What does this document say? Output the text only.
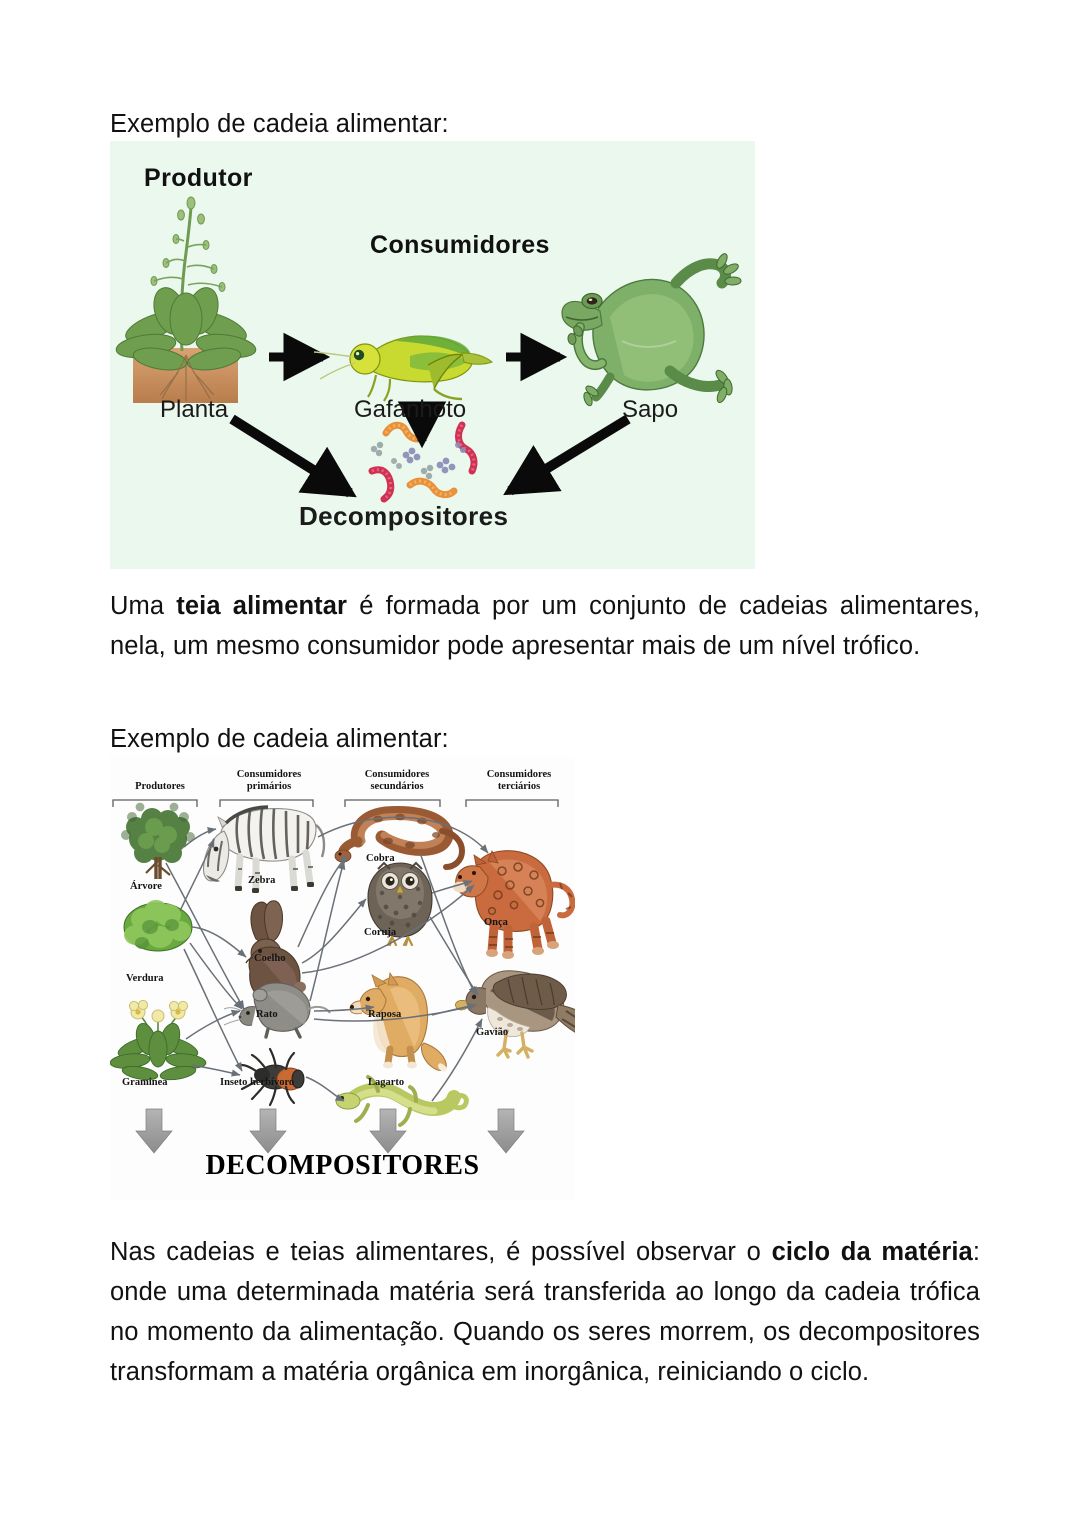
Exemplo de cadeia alimentar:
Produtor
Consumidores
Planta	Gafanhoto	Sapo
Decompositores
Uma teia alimentar é formada por um conjunto de cadeias alimentares, nela, um mesmo consumidor pode apresentar mais de um nível trófico.
Exemplo de cadeia alimentar:
Produtores
Consumidores
primários
Consumidores
secundários
Consumidores
terciários
Árvore
Verdura
Graminea
Zebra
Coelho
Rato
Inseto herbívoro
Cobra
Coruja
Raposa
Lagarto
Onça
Gavião
DECOMPOSITORES
Nas cadeias e teias alimentares, é possível observar o ciclo da matéria: onde uma determinada matéria será transferida ao longo da cadeia trófica no momento da alimentação. Quando os seres morrem, os decompositores transformam a matéria orgânica em inorgânica, reiniciando o ciclo.
